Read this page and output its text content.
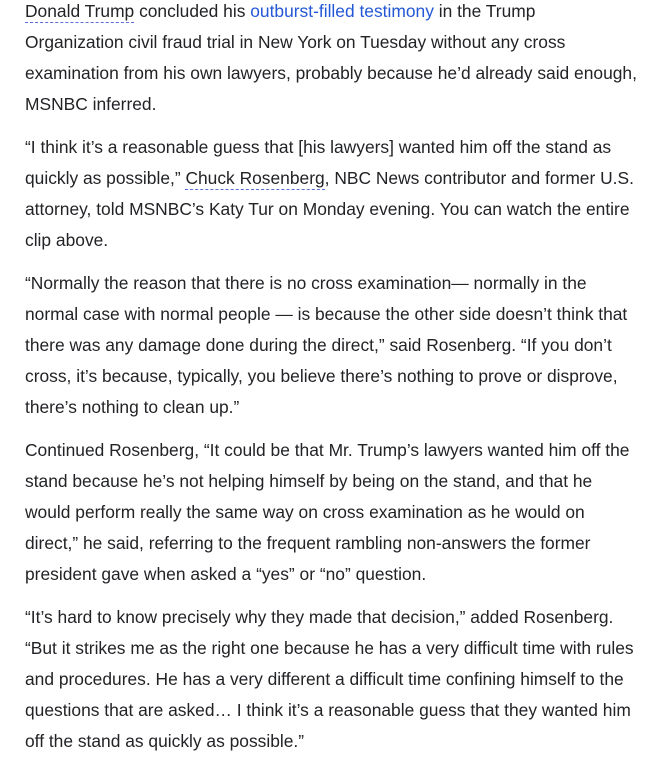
Donald Trump concluded his outburst-filled testimony in the Trump Organization civil fraud trial in New York on Tuesday without any cross examination from his own lawyers, probably because he’d already said enough, MSNBC inferred.

“I think it’s a reasonable guess that [his lawyers] wanted him off the stand as quickly as possible,” Chuck Rosenberg, NBC News contributor and former U.S. attorney, told MSNBC’s Katy Tur on Monday evening. You can watch the entire clip above.

“Normally the reason that there is no cross examination— normally in the normal case with normal people — is because the other side doesn’t think that there was any damage done during the direct,” said Rosenberg. “If you don’t cross, it’s because, typically, you believe there’s nothing to prove or disprove, there’s nothing to clean up.”

Continued Rosenberg, “It could be that Mr. Trump’s lawyers wanted him off the stand because he’s not helping himself by being on the stand, and that he would perform really the same way on cross examination as he would on direct,” he said, referring to the frequent rambling non-answers the former president gave when asked a “yes” or “no” question.

“It’s hard to know precisely why they made that decision,” added Rosenberg. “But it strikes me as the right one because he has a very difficult time with rules and procedures. He has a very different a difficult time confining himself to the questions that are asked… I think it’s a reasonable guess that they wanted him off the stand as quickly as possible.”
